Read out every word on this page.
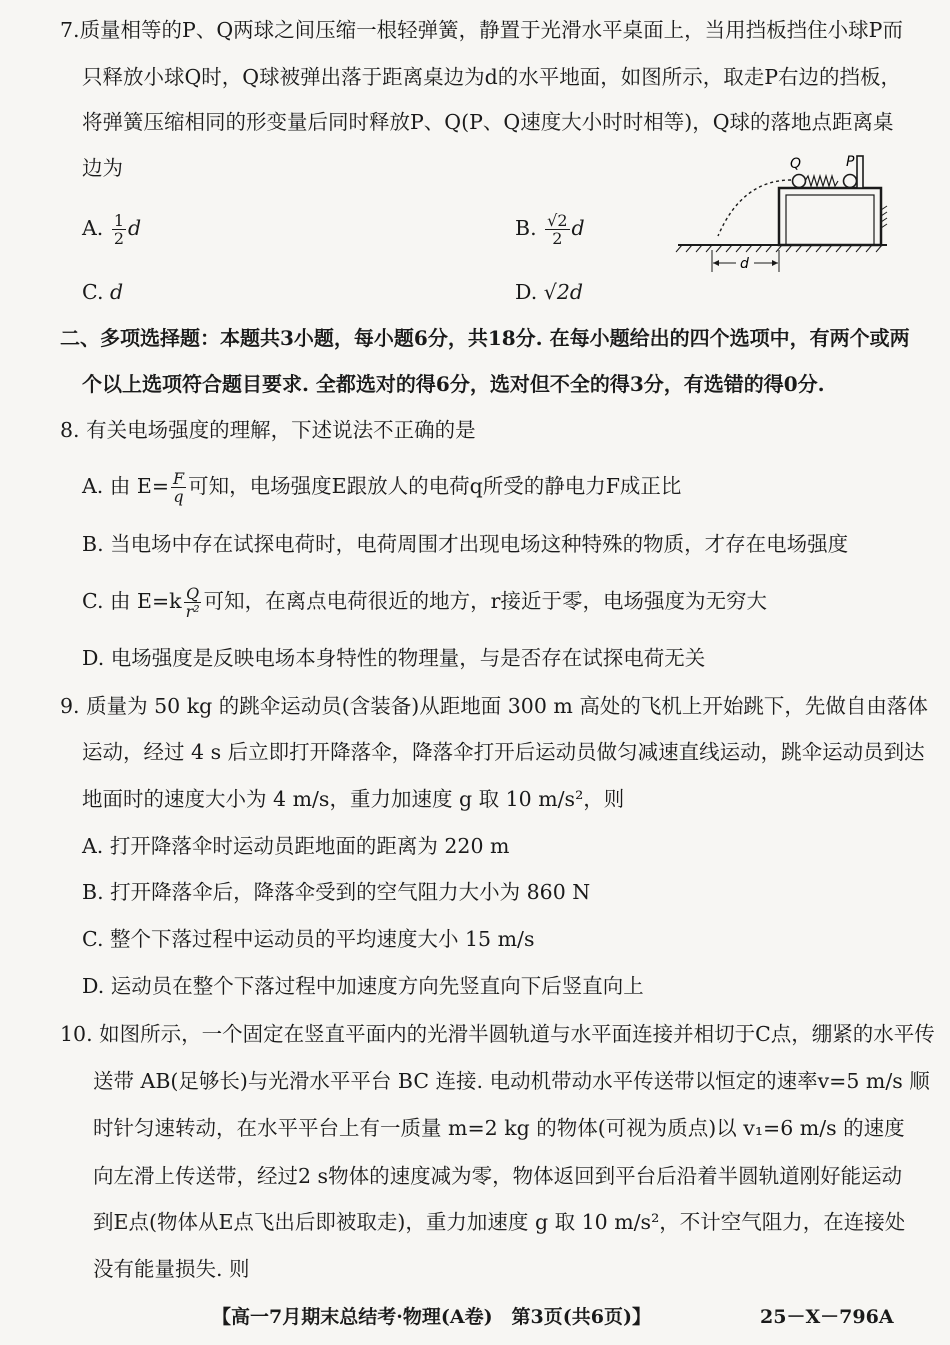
7.质量相等的P、Q两球之间压缩一根轻弹簧，静置于光滑水平桌面上，当用挡板挡住小球P而
只释放小球Q时，Q球被弹出落于距离桌边为d的水平地面，如图所示，取走P右边的挡板，
将弹簧压缩相同的形变量后同时释放P、Q(P、Q速度大小时时相等)，Q球的落地点距离桌
边为
A. $\frac{1}{2}$ d	B. $\frac{√2}{2}$ d
C. d	D. √2d
Q	P
d
二、多项选择题：本题共3小题，每小题6分，共18分. 在每小题给出的四个选项中，有两个或两
个以上选项符合题目要求. 全都选对的得6分，选对但不全的得3分，有选错的得0分.
8. 有关电场强度的理解，下述说法不正确的是
A. 由 $E= \frac{F}{q}$ 可知，电场强度E跟放人的电荷q所受的静电力F成正比
B. 当电场中存在试探电荷时，电荷周围才出现电场这种特殊的物质，才存在电场强度
C. 由 $E=k \frac{Q}{\text{r²}}$ 可知，在离点电荷很近的地方，r接近于零，电场强度为无穷大
D. 电场强度是反映电场本身特性的物理量，与是否存在试探电荷无关
9. 质量为 50 kg 的跳伞运动员(含装备)从距地面 300 m 高处的飞机上开始跳下，先做自由落体
运动，经过 4 s 后立即打开降落伞，降落伞打开后运动员做匀减速直线运动，跳伞运动员到达
地面时的速度大小为 4 m/s，重力加速度 g 取 10 m/s²，则
A. 打开降落伞时运动员距地面的距离为 220 m
B. 打开降落伞后，降落伞受到的空气阻力大小为 860 N
C. 整个下落过程中运动员的平均速度大小 15 m/s
D. 运动员在整个下落过程中加速度方向先竖直向下后竖直向上
10. 如图所示，一个固定在竖直平面内的光滑半圆轨道与水平面连接并相切于C点，绷紧的水平传
送带 AB(足够长)与光滑水平平台 BC 连接. 电动机带动水平传送带以恒定的速率v=5 m/s 顺
时针匀速转动，在水平平台上有一质量 m=2 kg 的物体(可视为质点)以 v₁=6 m/s 的速度
向左滑上传送带，经过2 s物体的速度减为零，物体返回到平台后沿着半圆轨道刚好能运动
到E点(物体从E点飞出后即被取走)，重力加速度 g 取 10 m/s²，不计空气阻力，在连接处
没有能量损失. 则
【高一7月期末总结考·物理(A卷)　第3页(共6页)】	25－X－796A
